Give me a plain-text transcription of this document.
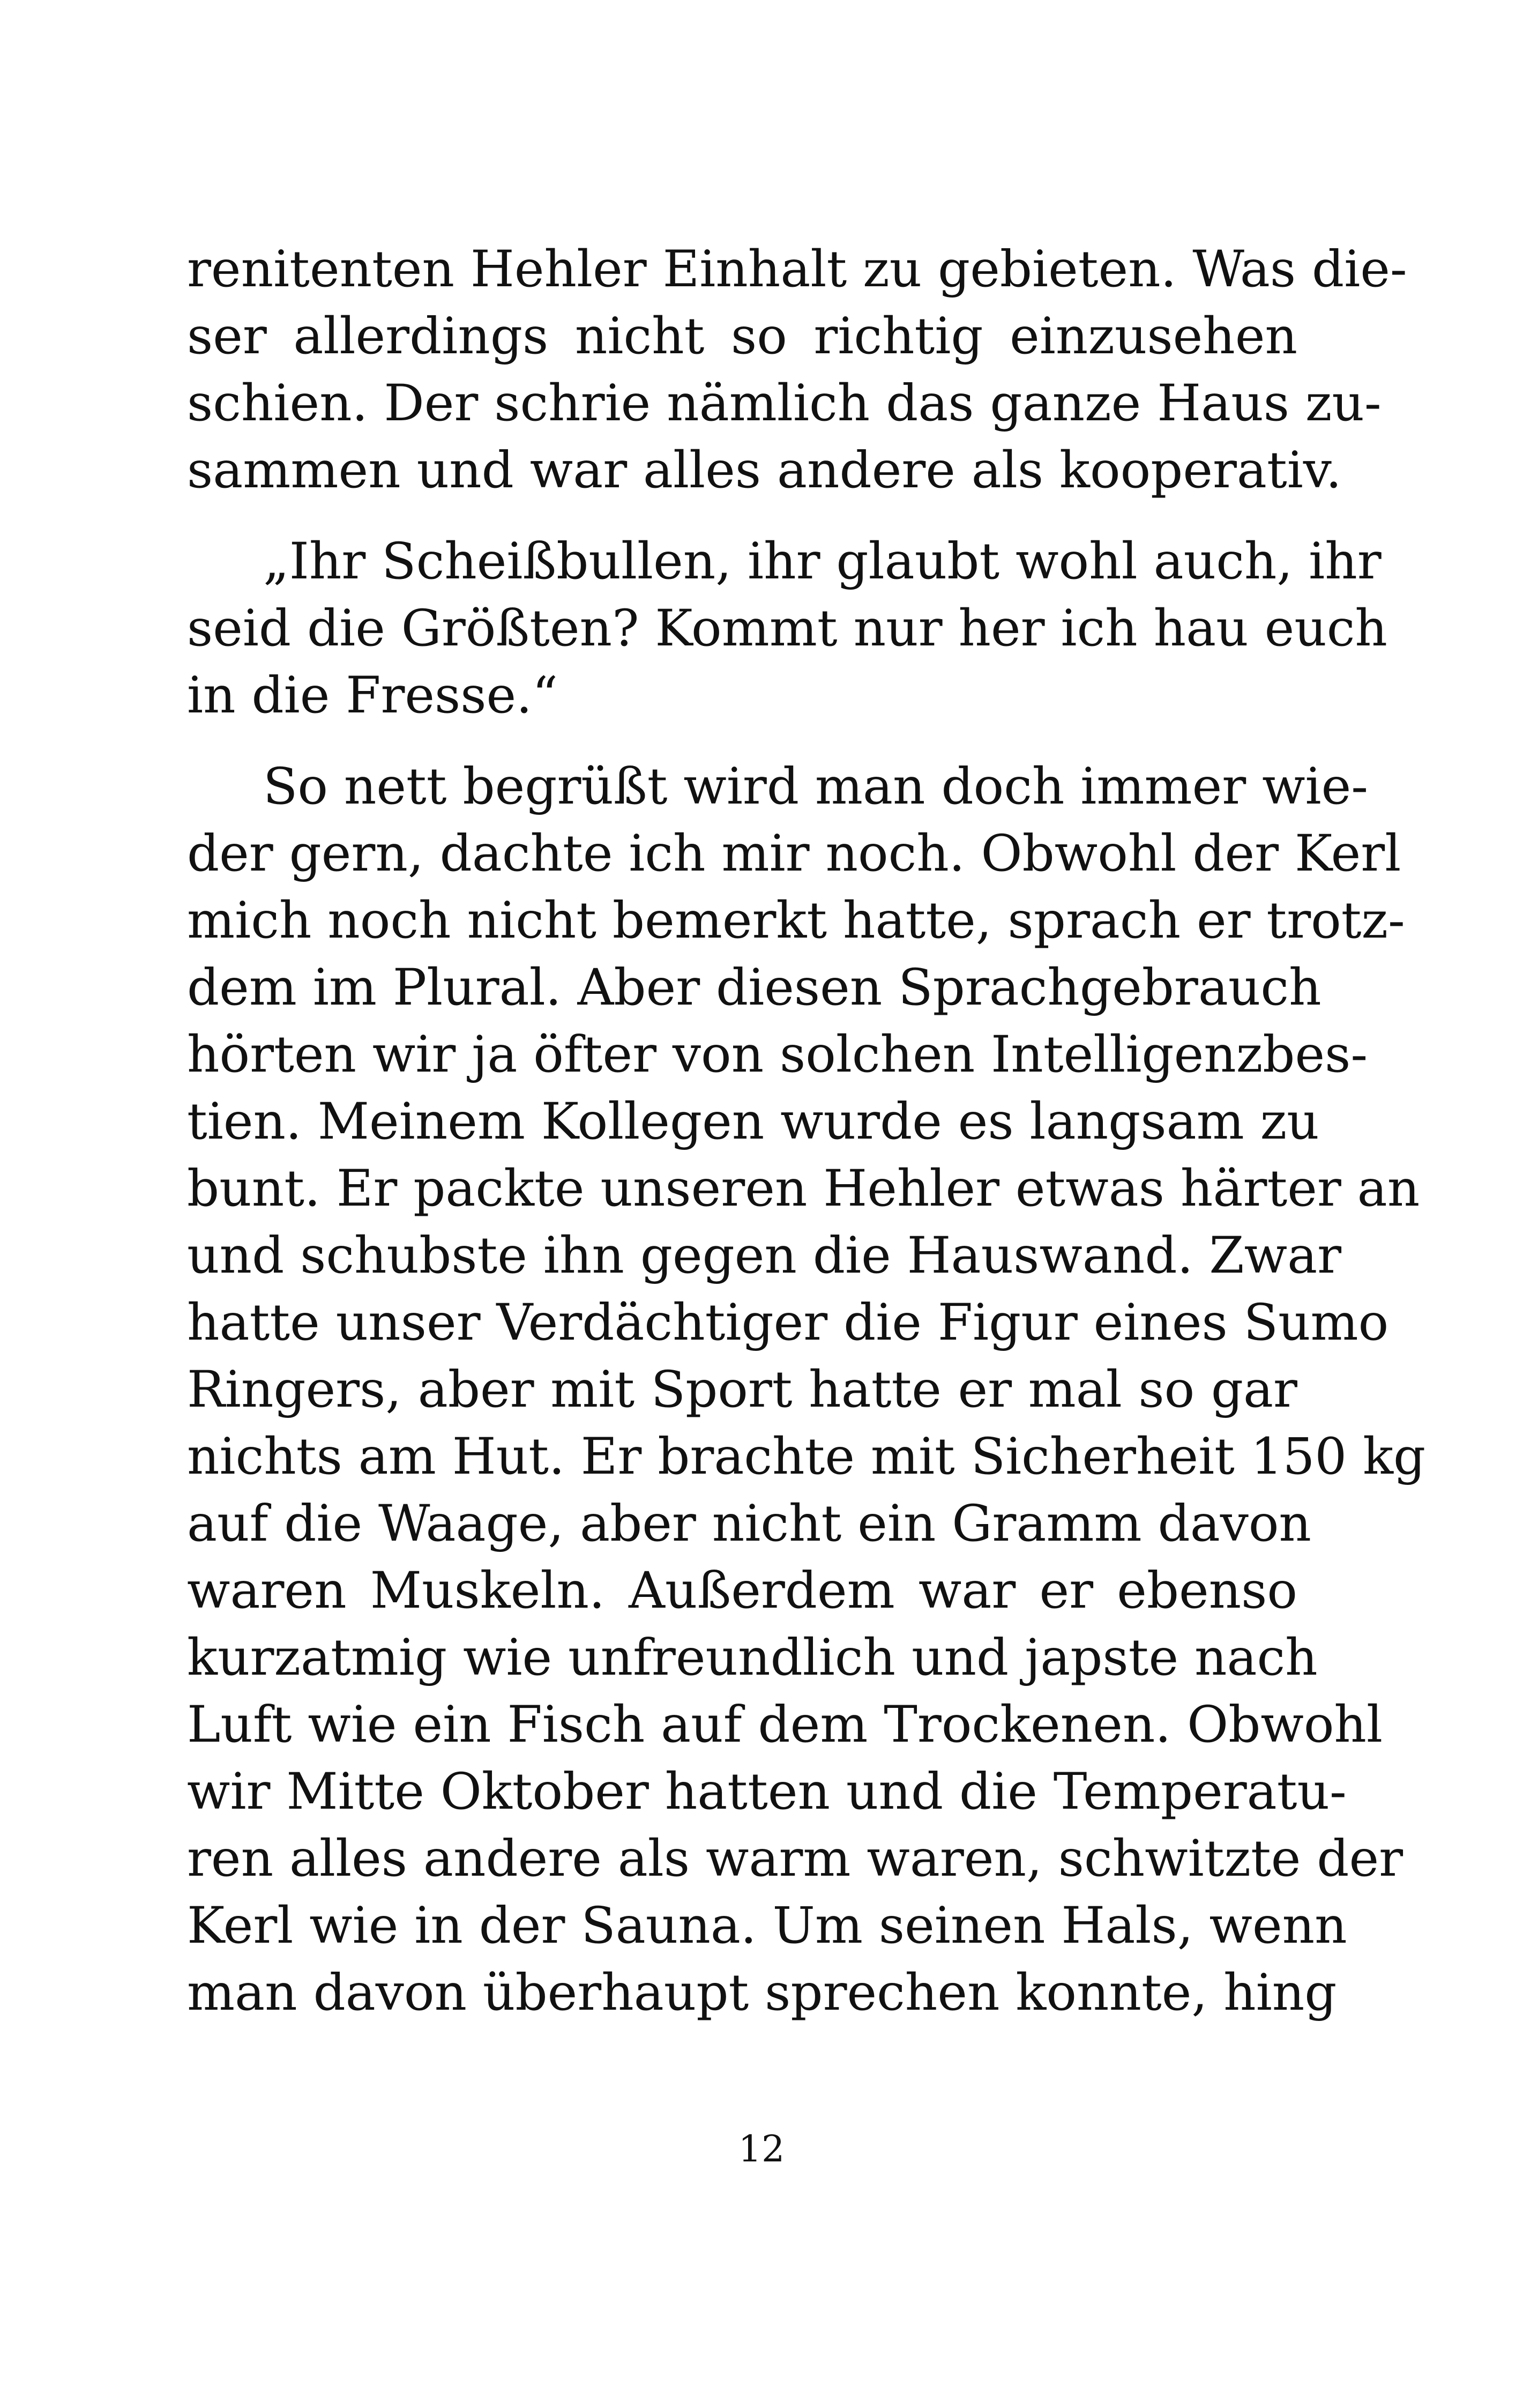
renitenten Hehler Einhalt zu gebieten. Was die-
ser allerdings nicht so richtig einzusehen
schien. Der schrie nämlich das ganze Haus zu-
sammen und war alles andere als kooperativ.

„Ihr Scheißbullen, ihr glaubt wohl auch, ihr
seid die Größten? Kommt nur her ich hau euch
in die Fresse.“

So nett begrüßt wird man doch immer wie-
der gern, dachte ich mir noch. Obwohl der Kerl
mich noch nicht bemerkt hatte, sprach er trotz-
dem im Plural. Aber diesen Sprachgebrauch
hörten wir ja öfter von solchen Intelligenzbes-
tien. Meinem Kollegen wurde es langsam zu
bunt. Er packte unseren Hehler etwas härter an
und schubste ihn gegen die Hauswand. Zwar
hatte unser Verdächtiger die Figur eines Sumo
Ringers, aber mit Sport hatte er mal so gar
nichts am Hut. Er brachte mit Sicherheit 150 kg
auf die Waage, aber nicht ein Gramm davon
waren Muskeln. Außerdem war er ebenso
kurzatmig wie unfreundlich und japste nach
Luft wie ein Fisch auf dem Trockenen. Obwohl
wir Mitte Oktober hatten und die Temperatu-
ren alles andere als warm waren, schwitzte der
Kerl wie in der Sauna. Um seinen Hals, wenn
man davon überhaupt sprechen konnte, hing

12
